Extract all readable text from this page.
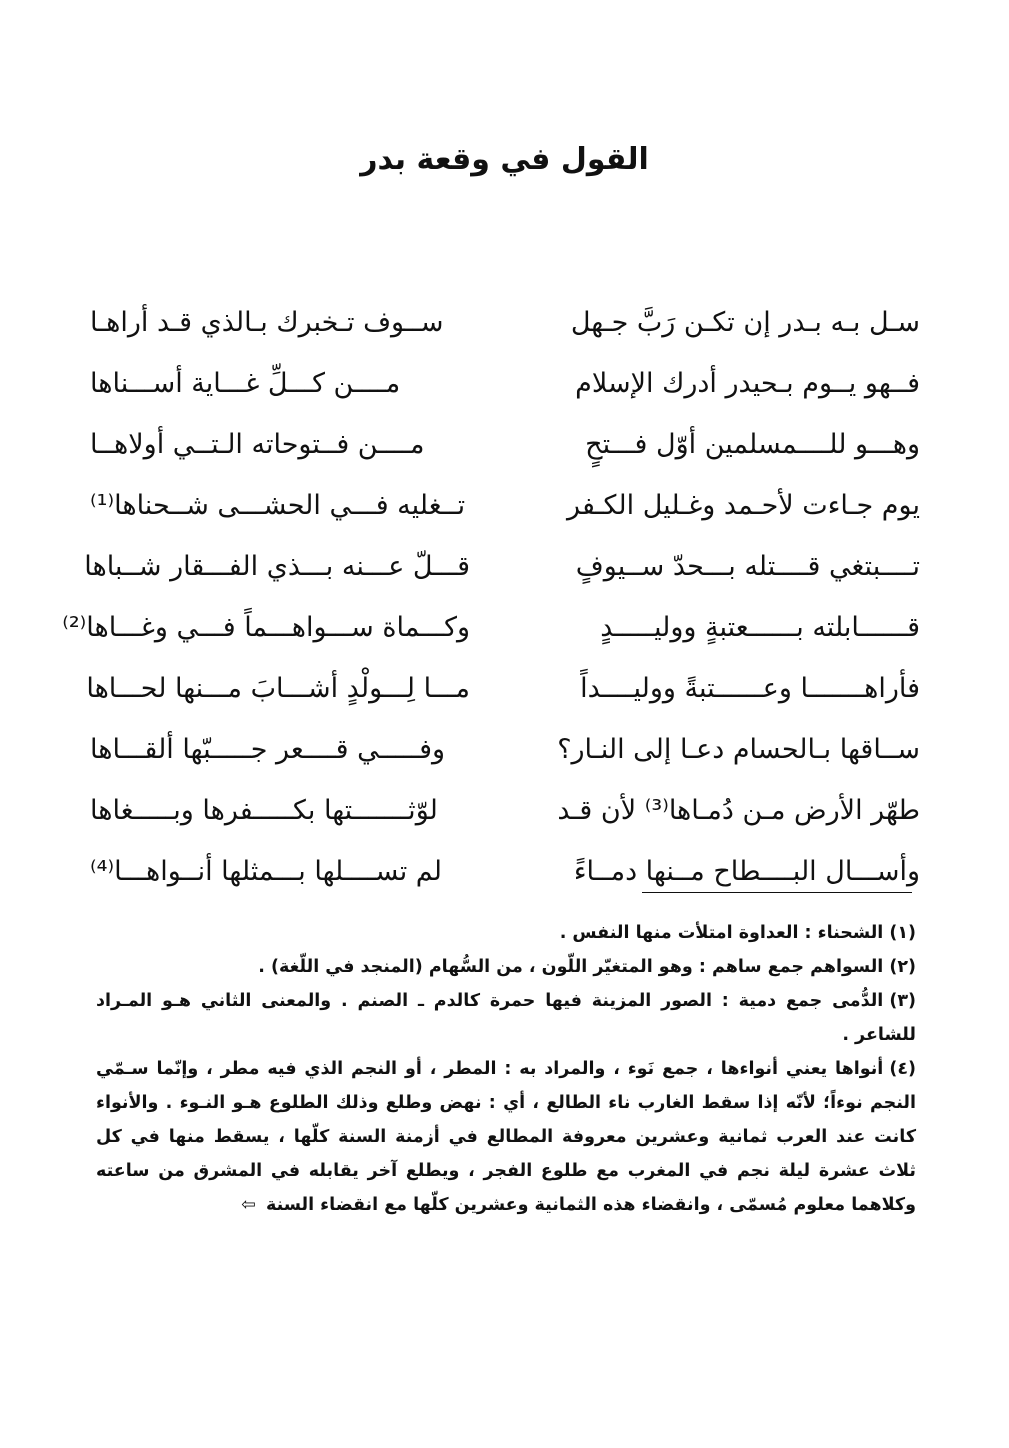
القول في وقعة بدر
سـل بـه بـدر إن تكـن رَبَّ جـهل
ســوف تـخبرك بـالذي قـد أراهـا
فــهو يــوم بـحيدر أدرك الإسلام
مــــن كـــلِّ غـــاية أســـناها
وهـــو للــــمسلمين أوّل فـــتحٍ
مــــن فــتوحاته الـتــي أولاهــا
يوم جـاءت لأحـمد وغـليل الكـفر
تــغليه فـــي الحشـــى شــحناها⁽¹⁾
تــــبتغي قــــتله بـــحدّ ســيوفٍ
قـــلّ عـــنه بـــذي الفـــقار شــباها
قــــــابلته بــــــعتبةٍ ووليـــــدٍ
وكـــماة ســـواهـــماً فـــي وغـــاها⁽²⁾
فأراهـــــــا وعــــــتبةً ووليــــداً
مـــا لِـــولْدٍ أشـــابَ مـــنها لحـــاها
ســاقها بـالحسام دعـا إلى النـار؟
وفـــــي قــــعر جـــــبّها ألقـــاها
طهّر الأرض مـن دُمـاها⁽³⁾ لأن قـد
لوّثـــــــتها بكـــــفرها وبـــــغاها
وأســـال البــــطاح مــنها دمــاءً
لم تســــلها بـــمثلها أنــواهـــا⁽⁴⁾

(١)الشحناء : العداوة امتلأت منها النفس .

(٢)السواهم جمع ساهم : وهو المتغيّر اللّون ، من السُّهام (المنجد في اللّغة) .

(٣)الدُّمى جمع دمية : الصور المزينة فيها حمرة كالدم ـ الصنم . والمعنى الثاني هـو المـراد للشاعر .

(٤)أنواها يعني أنواءها ، جمع نَوء ، والمراد به : المطر ، أو النجم الذي فيه مطر ، وإنّما سـمّي النجم نوءاً؛ لأنّه إذا سقط الغارب ناء الطالع ، أي : نهض وطلع وذلك الطلوع هـو النـوء . والأنواء كانت عند العرب ثمانية وعشرين معروفة المطالع في أزمنة السنة كلّها ، يسقط منها في كل ثلاث عشرة ليلة نجم في المغرب مع طلوع الفجر ، ويطلع آخر يقابله في المشرق من ساعته وكلاهما معلوم مُسمّى ، وانقضاء هذه الثمانية وعشرين كلّها مع انقضاء السنة⇦
